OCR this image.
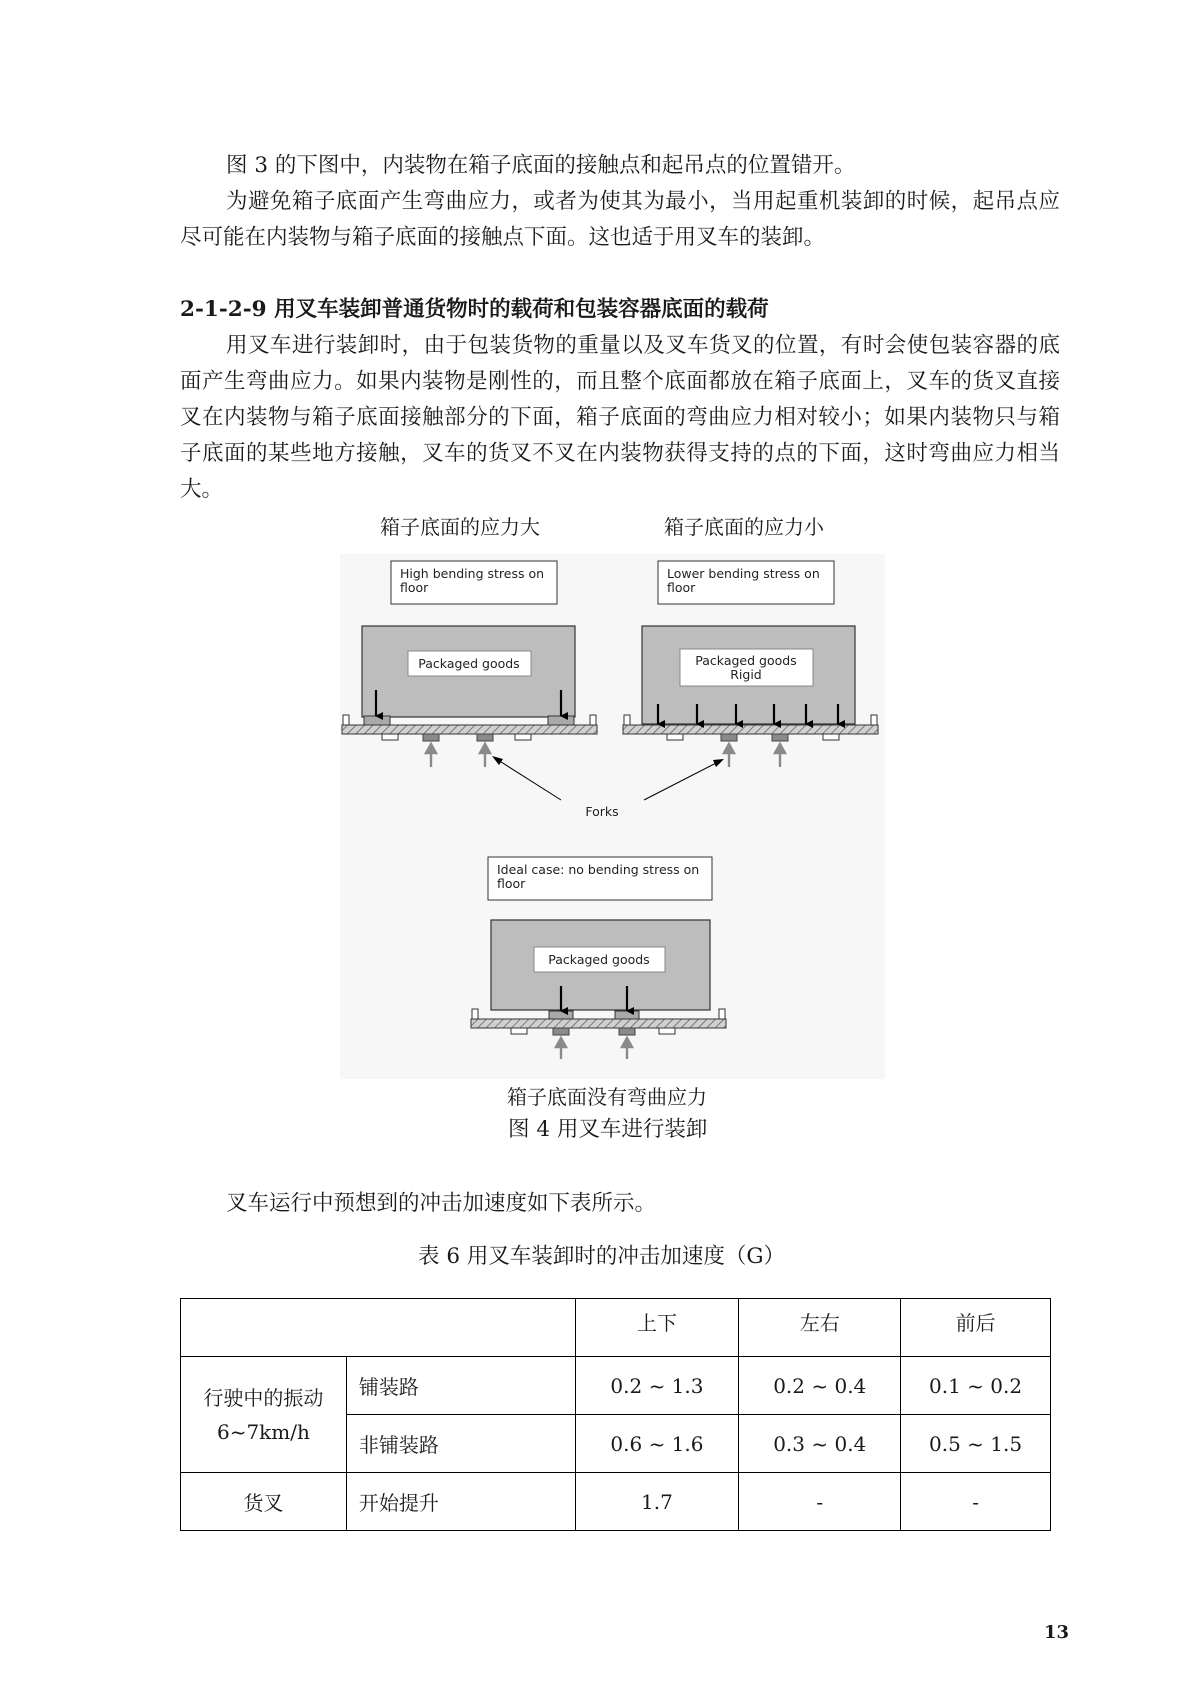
图 3 的下图中，内装物在箱子底面的接触点和起吊点的位置错开。
为避免箱子底面产生弯曲应力，或者为使其为最小，当用起重机装卸的时候，起吊点应尽可能在内装物与箱子底面的接触点下面。这也适于用叉车的装卸。
2-1-2-9 用叉车装卸普通货物时的载荷和包装容器底面的载荷
用叉车进行装卸时，由于包装货物的重量以及叉车货叉的位置，有时会使包装容器的底面产生弯曲应力。如果内装物是刚性的，而且整个底面都放在箱子底面上，叉车的货叉直接叉在内装物与箱子底面接触部分的下面，箱子底面的弯曲应力相对较小；如果内装物只与箱子底面的某些地方接触，叉车的货叉不叉在内装物获得支持的点的下面，这时弯曲应力相当大。
箱子底面的应力大	箱子底面的应力小
High bending stress on
floor
Packaged goods
Lower bending stress on
floor
Packaged goods
Rigid
Forks
Ideal case: no bending stress on
floor
Packaged goods
箱子底面没有弯曲应力
图 4 用叉车进行装卸
叉车运行中预想到的冲击加速度如下表所示。
表 6 用叉车装卸时的冲击加速度（G）
		上下	左右	前后

行驶中的振动
6~7km/h	铺装路	0.2 ~ 1.3	0.2 ~ 0.4	0.1 ~ 0.2
	非铺装路	0.6 ~ 1.6	0.3 ~ 0.4	0.5 ~ 1.5
货叉	开始提升	1.7	-	-
13
